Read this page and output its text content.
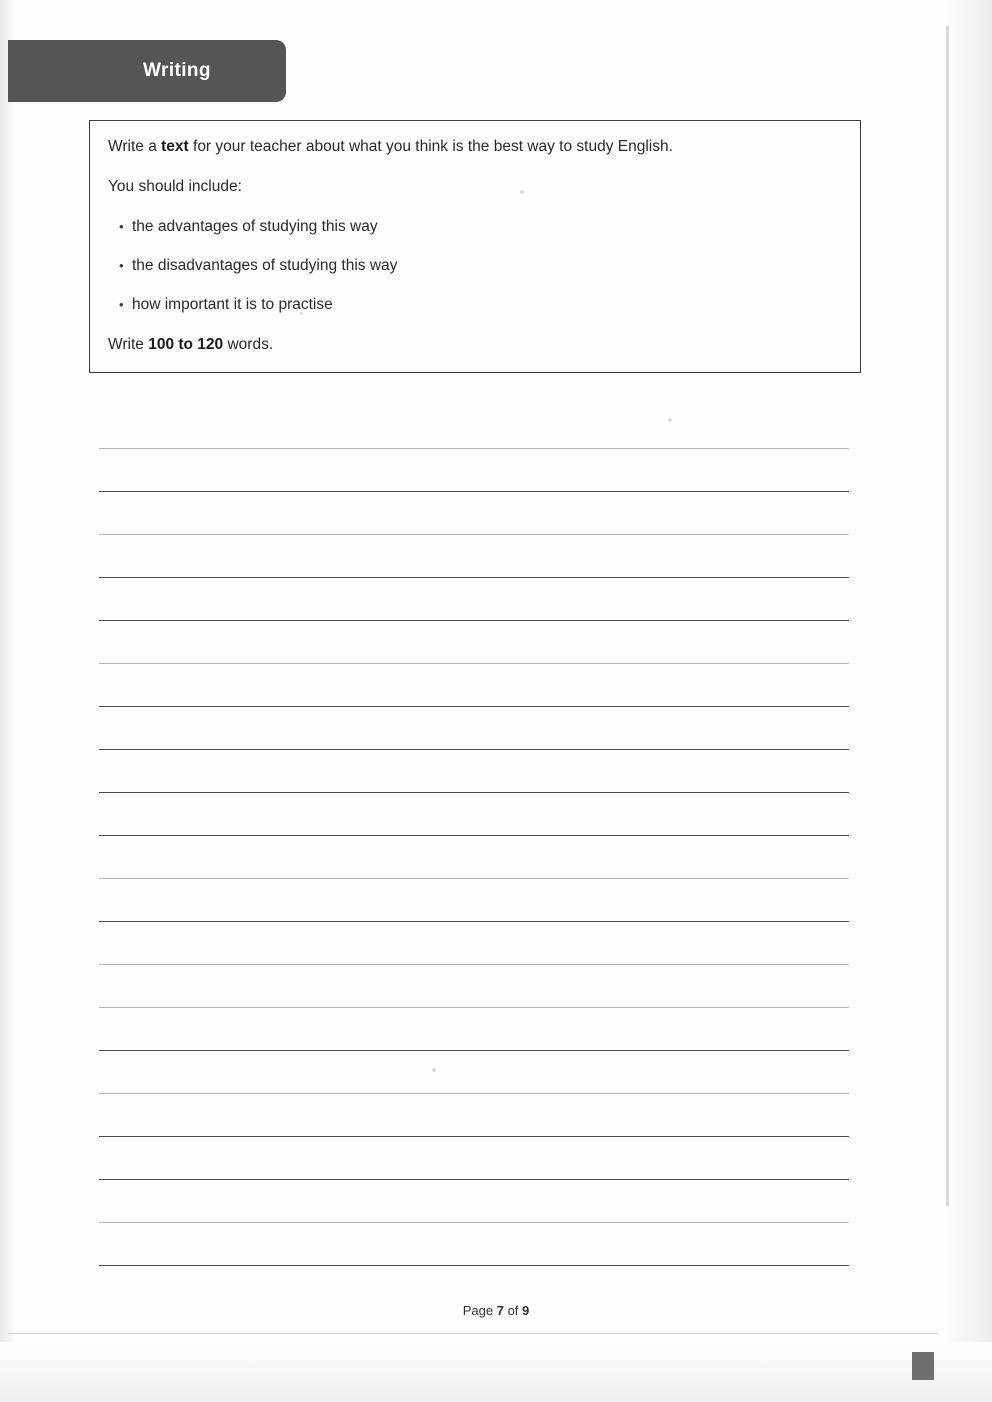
Writing

Write a text for your teacher about what you think is the best way to study English.

You should include:

• the advantages of studying this way

• the disadvantages of studying this way

• how important it is to practise

Write 100 to 120 words.

Page 7 of 9
